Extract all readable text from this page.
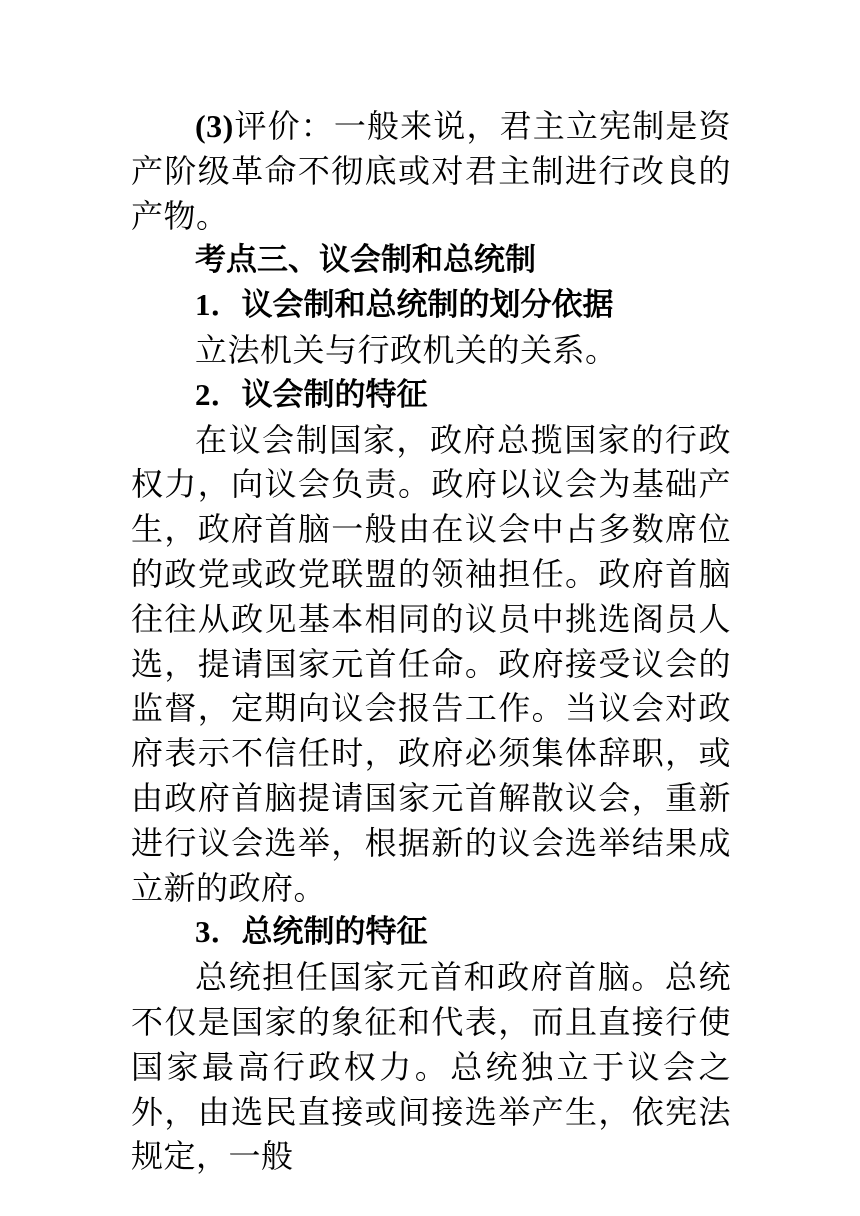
(3)评价：一般来说，君主立宪制是资产阶级革命不彻底或对君主制进行改良的产物。

考点三、议会制和总统制

1．议会制和总统制的划分依据

立法机关与行政机关的关系。

2．议会制的特征

在议会制国家，政府总揽国家的行政权力，向议会负责。政府以议会为基础产生，政府首脑一般由在议会中占多数席位的政党或政党联盟的领袖担任。政府首脑往往从政见基本相同的议员中挑选阁员人选，提请国家元首任命。政府接受议会的监督，定期向议会报告工作。当议会对政府表示不信任时，政府必须集体辞职，或由政府首脑提请国家元首解散议会，重新进行议会选举，根据新的议会选举结果成立新的政府。

3．总统制的特征

总统担任国家元首和政府首脑。总统不仅是国家的象征和代表，而且直接行使国家最高行政权力。总统独立于议会之外，由选民直接或间接选举产生，依宪法规定，一般
